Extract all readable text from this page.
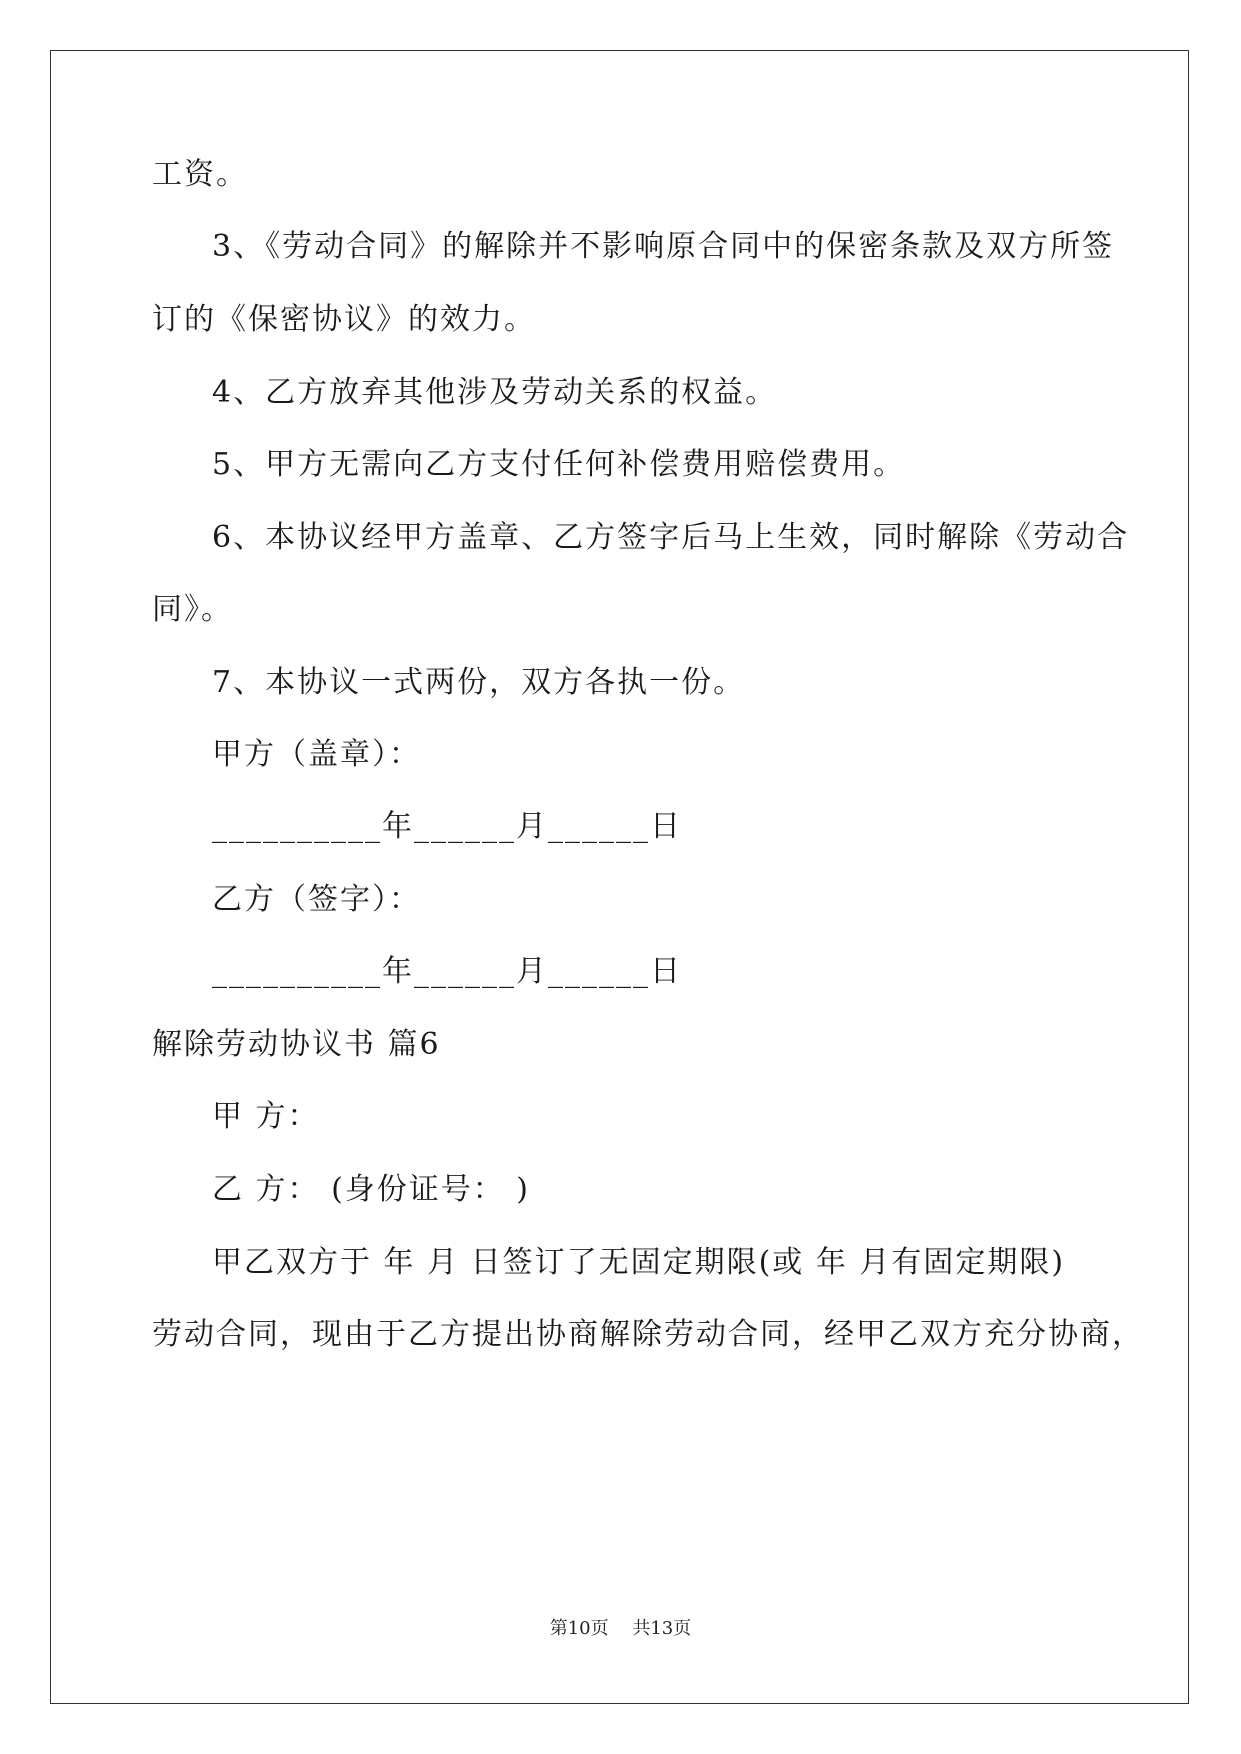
工资。
3、《劳动合同》的解除并不影响原合同中的保密条款及双方所签
订的《保密协议》的效力。
4、乙方放弃其他涉及劳动关系的权益。
5、甲方无需向乙方支付任何补偿费用赔偿费用。
6、本协议经甲方盖章、乙方签字后马上生效，同时解除《劳动合
同》。
7、本协议一式两份，双方各执一份。
甲方（盖章）：
__________年______月______日
乙方（签字）：
__________年______月______日
解除劳动协议书 篇6
甲 方：
乙 方： (身份证号： )
甲乙双方于 年 月 日签订了无固定期限(或 年 月有固定期限)
劳动合同，现由于乙方提出协商解除劳动合同，经甲乙双方充分协商，
第10页 共13页
